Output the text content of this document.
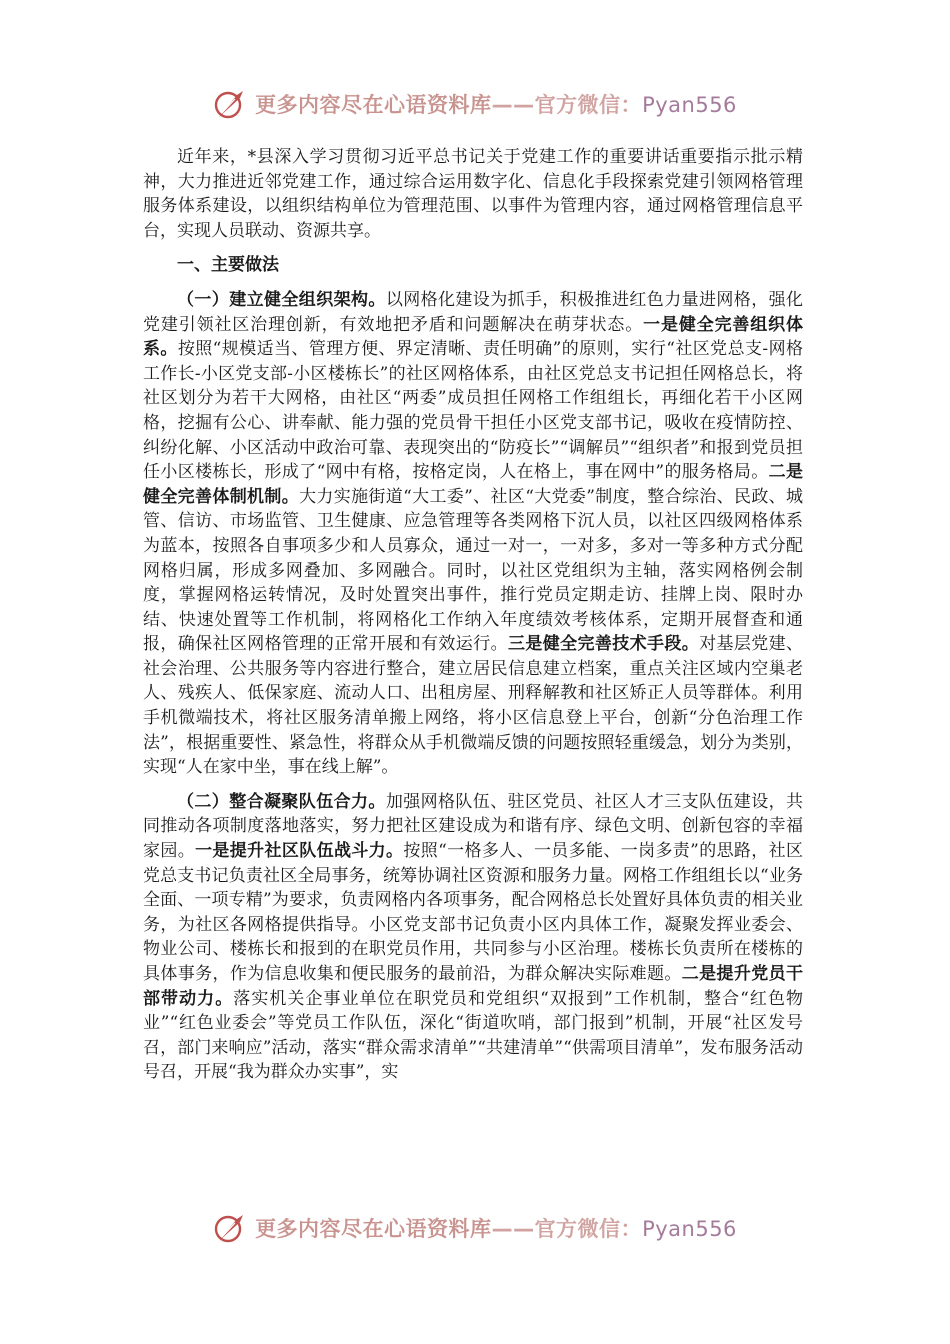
更多内容尽在心语资料库——官方微信：Pyan556

近年来，*县深入学习贯彻习近平总书记关于党建工作的重要讲话重要指示批示精神，大力推进近邻党建工作，通过综合运用数字化、信息化手段探索党建引领网格管理服务体系建设，以组织结构单位为管理范围、以事件为管理内容，通过网格管理信息平台，实现人员联动、资源共享。

一、主要做法

（一）建立健全组织架构。以网格化建设为抓手，积极推进红色力量进网格，强化党建引领社区治理创新，有效地把矛盾和问题解决在萌芽状态。一是健全完善组织体系。按照“规模适当、管理方便、界定清晰、责任明确”的原则，实行“社区党总支-网格工作长-小区党支部-小区楼栋长”的社区网格体系，由社区党总支书记担任网格总长，将社区划分为若干大网格，由社区“两委”成员担任网格工作组组长，再细化若干小区网格，挖掘有公心、讲奉献、能力强的党员骨干担任小区党支部书记，吸收在疫情防控、纠纷化解、小区活动中政治可靠、表现突出的“防疫长”“调解员”“组织者”和报到党员担任小区楼栋长，形成了“网中有格，按格定岗，人在格上，事在网中”的服务格局。二是健全完善体制机制。大力实施街道“大工委”、社区“大党委”制度，整合综治、民政、城管、信访、市场监管、卫生健康、应急管理等各类网格下沉人员，以社区四级网格体系为蓝本，按照各自事项多少和人员寡众，通过一对一，一对多，多对一等多种方式分配网格归属，形成多网叠加、多网融合。同时，以社区党组织为主轴，落实网格例会制度，掌握网格运转情况，及时处置突出事件，推行党员定期走访、挂牌上岗、限时办结、快速处置等工作机制，将网格化工作纳入年度绩效考核体系，定期开展督查和通报，确保社区网格管理的正常开展和有效运行。三是健全完善技术手段。对基层党建、社会治理、公共服务等内容进行整合，建立居民信息建立档案，重点关注区域内空巢老人、残疾人、低保家庭、流动人口、出租房屋、刑释解教和社区矫正人员等群体。利用手机微端技术，将社区服务清单搬上网络，将小区信息登上平台，创新“分色治理工作法”，根据重要性、紧急性，将群众从手机微端反馈的问题按照轻重缓急，划分为类别，实现“人在家中坐，事在线上解”。

（二）整合凝聚队伍合力。加强网格队伍、驻区党员、社区人才三支队伍建设，共同推动各项制度落地落实，努力把社区建设成为和谐有序、绿色文明、创新包容的幸福家园。一是提升社区队伍战斗力。按照“一格多人、一员多能、一岗多责”的思路，社区党总支书记负责社区全局事务，统筹协调社区资源和服务力量。网格工作组组长以“业务全面、一项专精”为要求，负责网格内各项事务，配合网格总长处置好具体负责的相关业务，为社区各网格提供指导。小区党支部书记负责小区内具体工作，凝聚发挥业委会、物业公司、楼栋长和报到的在职党员作用，共同参与小区治理。楼栋长负责所在楼栋的具体事务，作为信息收集和便民服务的最前沿，为群众解决实际难题。二是提升党员干部带动力。落实机关企事业单位在职党员和党组织“双报到”工作机制，整合“红色物业”“红色业委会”等党员工作队伍，深化“街道吹哨，部门报到”机制，开展“社区发号召，部门来响应”活动，落实“群众需求清单”“共建清单”“供需项目清单”，发布服务活动号召，开展“我为群众办实事”，实

更多内容尽在心语资料库——官方微信：Pyan556
